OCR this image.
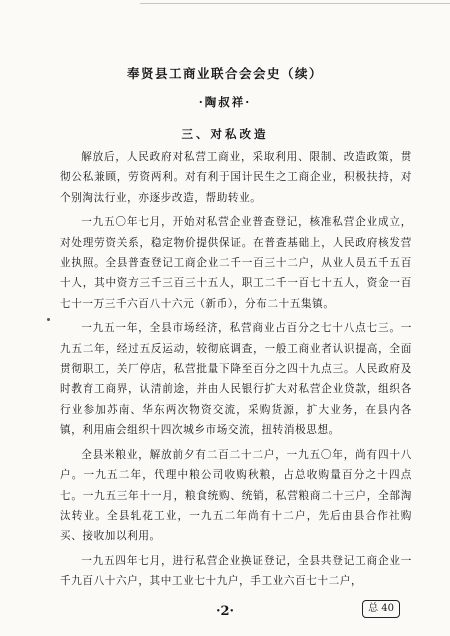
奉贤县工商业联合会会史（续）
·陶叔祥·
三、对私改造

解放后，人民政府对私营工商业，采取利用、限制、改造政策，贯彻公私兼顾，劳资两利。对有利于国计民生之工商企业，积极扶持，对个别淘汰行业，亦逐步改造，帮助转业。

一九五〇年七月，开始对私营企业普查登记，核准私营企业成立，对处理劳资关系，稳定物价提供保证。在普查基础上，人民政府核发营业执照。全县普查登记工商企业二千一百三十二户，从业人员五千五百十人，其中资方三千三百三十五人，职工二千一百七十五人，资金一百七十一万三千六百八十六元（新币），分布二十五集镇。

一九五一年，全县市场经济，私营商业占百分之七十八点七三。一九五二年，经过五反运动，较彻底调查，一般工商业者认识提高，全面贯彻职工，关厂停店，私营批量下降至百分之四十九点三。人民政府及时教育工商界，认清前途，并由人民银行扩大对私营企业贷款，组织各行业参加苏南、华东两次物资交流，采购货源，扩大业务，在县内各镇，利用庙会组织十四次城乡市场交流，扭转消极思想。

全县米粮业，解放前夕有二百二十二户，一九五〇年，尚有四十八户。一九五二年，代理中粮公司收购秋粮，占总收购量百分之十四点七。一九五三年十一月，粮食统购、统销，私营粮商二十三户，全部淘汰转业。全县轧花工业，一九五二年尚有十二户，先后由县合作社购买、接收加以利用。

一九五四年七月，进行私营企业换证登记，全县共登记工商企业一千九百八十六户，其中工业七十九户，手工业六百七十二户，

·2·	总 40
